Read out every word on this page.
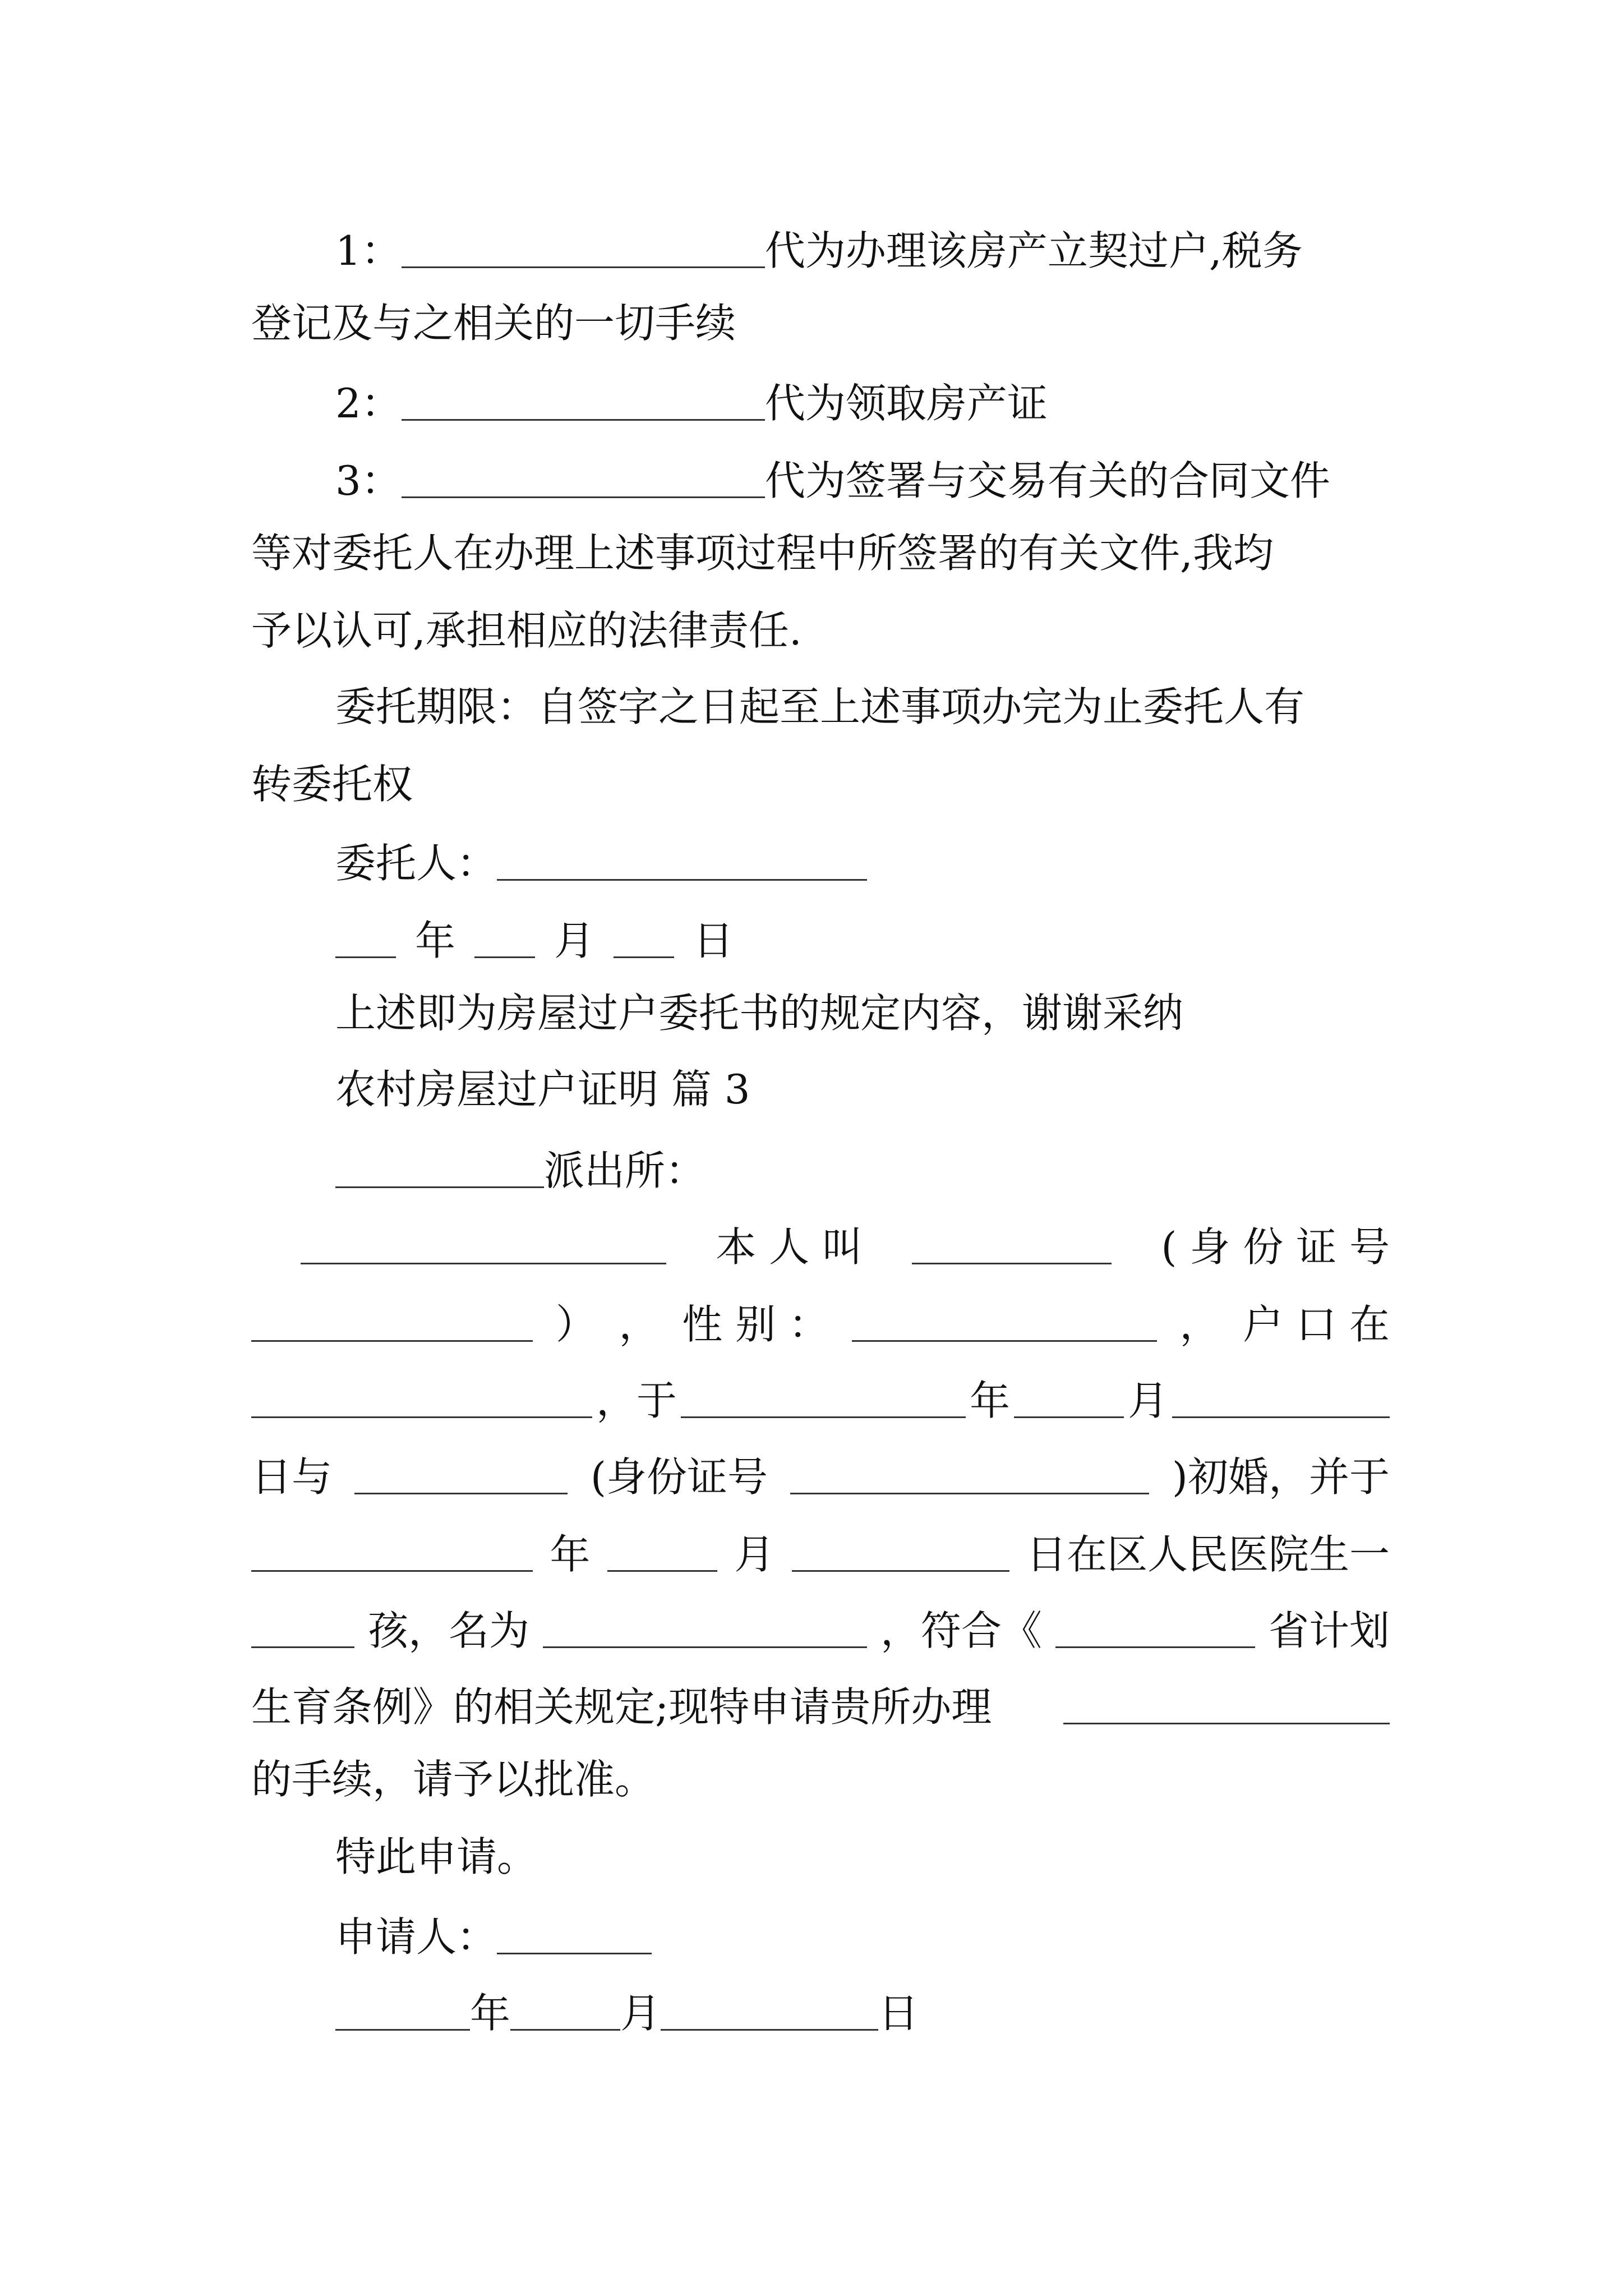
1：	代为办理该房产立契过户,税务
登记及与之相关的一切手续
2：	代为领取房产证
3：	代为签署与交易有关的合同文件
等对委托人在办理上述事项过程中所签署的有关文件,我均
予以认可,承担相应的法律责任.
委托期限：自签字之日起至上述事项办完为止委托人有
转委托权
委托人：
年 月 日
上述即为房屋过户委托书的规定内容，谢谢采纳
农村房屋过户证明 篇 3
派出所：
本 人 叫	( 身 份 证 号
） ， 性 别 ：	， 户 口 在
，于	年	月
日与	(身份证号	)初婚，并于
年	月	日在区人民医院生一
孩，名为	，符合《	省计划
生育条例》的相关规定;现特申请贵所办理
的手续，请予以批准。
特此申请。
申请人：
年	月	日
